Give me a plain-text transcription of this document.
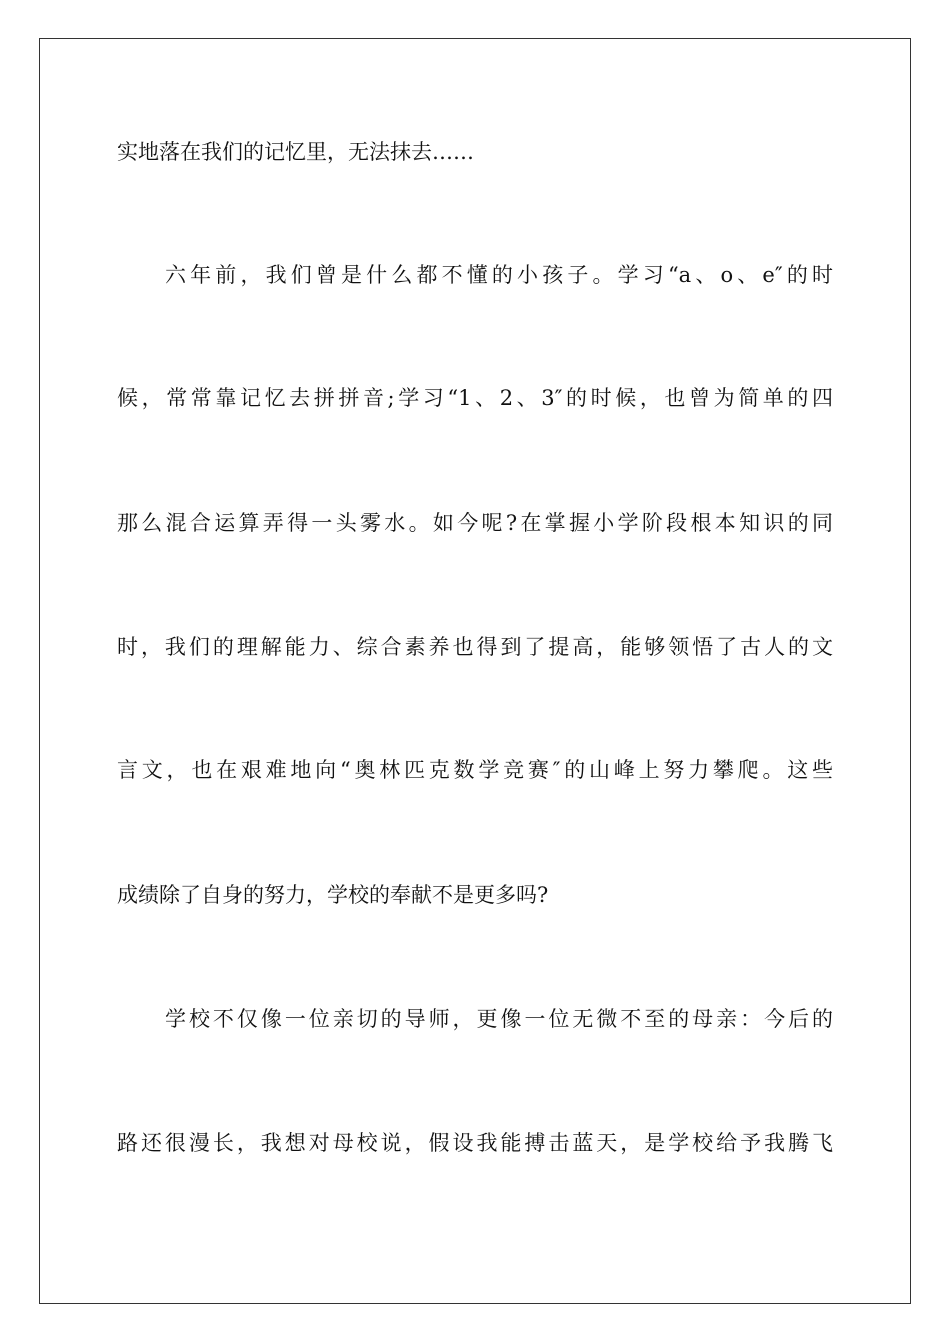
实地落在我们的记忆里，无法抹去……
六年前，我们曾是什么都不懂的小孩子。学习“a、o、e″的时
候，常常靠记忆去拼拼音;学习“1、2、3″的时候，也曾为简单的四
那么混合运算弄得一头雾水。如今呢?在掌握小学阶段根本知识的同
时，我们的理解能力、综合素养也得到了提高，能够领悟了古人的文
言文，也在艰难地向“奥林匹克数学竞赛″的山峰上努力攀爬。这些
成绩除了自身的努力，学校的奉献不是更多吗?
学校不仅像一位亲切的导师，更像一位无微不至的母亲：今后的
路还很漫长，我想对母校说，假设我能搏击蓝天，是学校给予我腾飞
